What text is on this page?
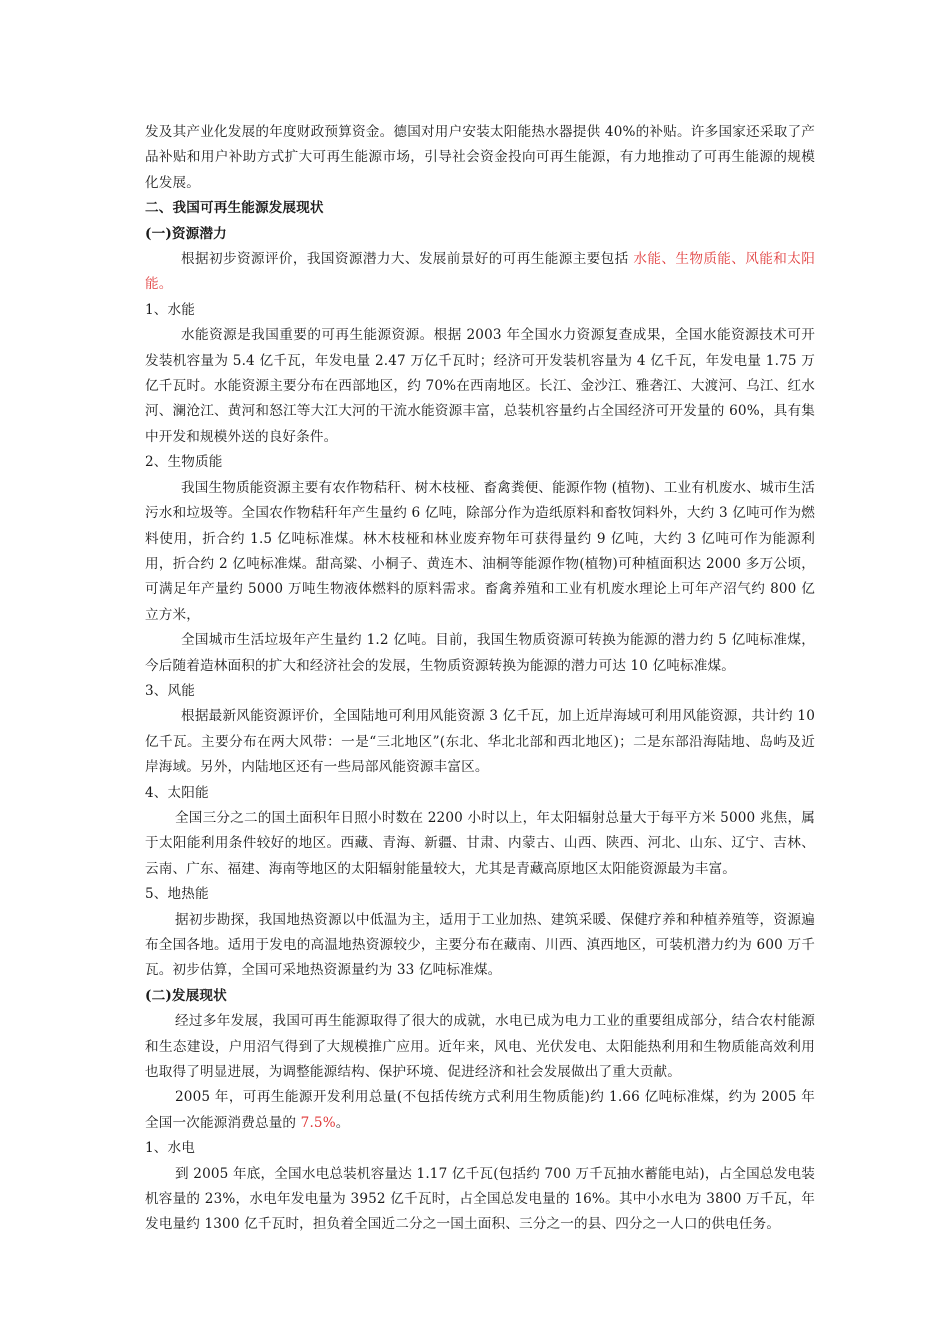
发及其产业化发展的年度财政预算资金。德国对用户安装太阳能热水器提供 40%的补贴。许多国家还采取了产品补贴和用户补助方式扩大可再生能源市场，引导社会资金投向可再生能源，有力地推动了可再生能源的规模化发展。

二、我国可再生能源发展现状

(一)资源潜力

根据初步资源评价，我国资源潜力大、发展前景好的可再生能源主要包括 水能、生物质能、风能和太阳能。

1、水能

水能资源是我国重要的可再生能源资源。根据 2003 年全国水力资源复查成果，全国水能资源技术可开发装机容量为 5.4 亿千瓦，年发电量 2.47 万亿千瓦时；经济可开发装机容量为 4 亿千瓦，年发电量 1.75 万亿千瓦时。水能资源主要分布在西部地区，约 70%在西南地区。长江、金沙江、雅砻江、大渡河、乌江、红水河、澜沧江、黄河和怒江等大江大河的干流水能资源丰富，总装机容量约占全国经济可开发量的 60%，具有集中开发和规模外送的良好条件。

2、生物质能

我国生物质能资源主要有农作物秸秆、树木枝桠、畜禽粪便、能源作物 (植物)、工业有机废水、城市生活污水和垃圾等。全国农作物秸秆年产生量约 6 亿吨，除部分作为造纸原料和畜牧饲料外，大约 3 亿吨可作为燃料使用，折合约 1.5 亿吨标准煤。林木枝桠和林业废弃物年可获得量约 9 亿吨，大约 3 亿吨可作为能源利用，折合约 2 亿吨标准煤。甜高粱、小桐子、黄连木、油桐等能源作物(植物)可种植面积达 2000 多万公顷，可满足年产量约 5000 万吨生物液体燃料的原料需求。畜禽养殖和工业有机废水理论上可年产沼气约 800 亿立方米，

全国城市生活垃圾年产生量约 1.2 亿吨。目前，我国生物质资源可转换为能源的潜力约 5 亿吨标准煤，今后随着造林面积的扩大和经济社会的发展，生物质资源转换为能源的潜力可达 10 亿吨标准煤。

3、风能

根据最新风能资源评价，全国陆地可利用风能资源 3 亿千瓦，加上近岸海域可利用风能资源，共计约 10 亿千瓦。主要分布在两大风带：一是“三北地区”(东北、华北北部和西北地区)；二是东部沿海陆地、岛屿及近岸海域。另外，内陆地区还有一些局部风能资源丰富区。

4、太阳能

全国三分之二的国土面积年日照小时数在 2200 小时以上，年太阳辐射总量大于每平方米 5000 兆焦，属于太阳能利用条件较好的地区。西藏、青海、新疆、甘肃、内蒙古、山西、陕西、河北、山东、辽宁、吉林、云南、广东、福建、海南等地区的太阳辐射能量较大，尤其是青藏高原地区太阳能资源最为丰富。

5、地热能

据初步勘探，我国地热资源以中低温为主，适用于工业加热、建筑采暖、保健疗养和种植养殖等，资源遍布全国各地。适用于发电的高温地热资源较少，主要分布在藏南、川西、滇西地区，可装机潜力约为 600 万千瓦。初步估算，全国可采地热资源量约为 33 亿吨标准煤。

(二)发展现状

经过多年发展，我国可再生能源取得了很大的成就，水电已成为电力工业的重要组成部分，结合农村能源和生态建设，户用沼气得到了大规模推广应用。近年来，风电、光伏发电、太阳能热利用和生物质能高效利用也取得了明显进展，为调整能源结构、保护环境、促进经济和社会发展做出了重大贡献。

2005 年，可再生能源开发利用总量(不包括传统方式利用生物质能)约 1.66 亿吨标准煤，约为 2005 年全国一次能源消费总量的 7.5%。

1、水电

到 2005 年底，全国水电总装机容量达 1.17 亿千瓦(包括约 700 万千瓦抽水蓄能电站)，占全国总发电装机容量的 23%，水电年发电量为 3952 亿千瓦时，占全国总发电量的 16%。其中小水电为 3800 万千瓦，年发电量约 1300 亿千瓦时，担负着全国近二分之一国土面积、三分之一的县、四分之一人口的供电任务。
